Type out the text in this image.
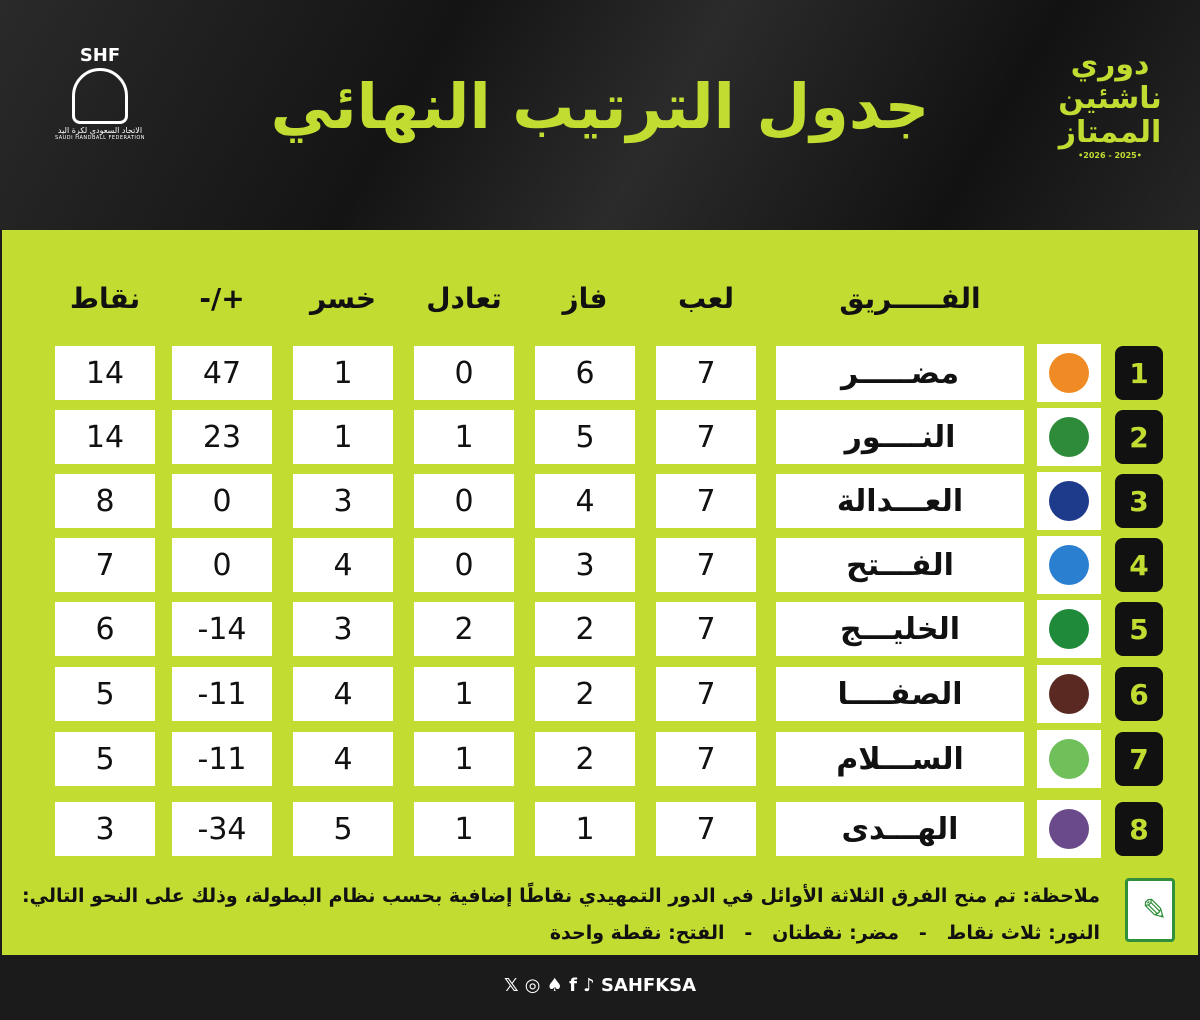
SHF
الاتحاد السعودي لكرة اليد
SAUDI HANDBALL FEDERATION جدول الترتيب النهائي
دوري
ناشئين
الممتاز
•2026 - 2025•
نقاط	+/-	خسر	تعادل	فاز	لعب	الفـــــريق
14	47	1	0	6	7	مضـــــر	1
14	23	1	1	5	7	النــــور	2
8	0	3	0	4	7	العـــدالة	3
7	0	4	0	3	7	الفـــتح	4
6	-14	3	2	2	7	الخليـــج	5
5	-11	4	1	2	7	الصفــــا	6
5	-11	4	1	2	7	الســـلام	7
3	-34	5	1	1	7	الهـــدى	8
✎
ملاحظة: تم منح الفرق الثلاثة الأوائل في الدور التمهيدي نقاطًا إضافية بحسب نظام البطولة، وذلك على النحو التالي:
النور: ثلاث نقاط   -   مضر: نقطتان   -   الفتح: نقطة واحدة
𝕏 ◎ ♠ f ♪ SAHFKSA
